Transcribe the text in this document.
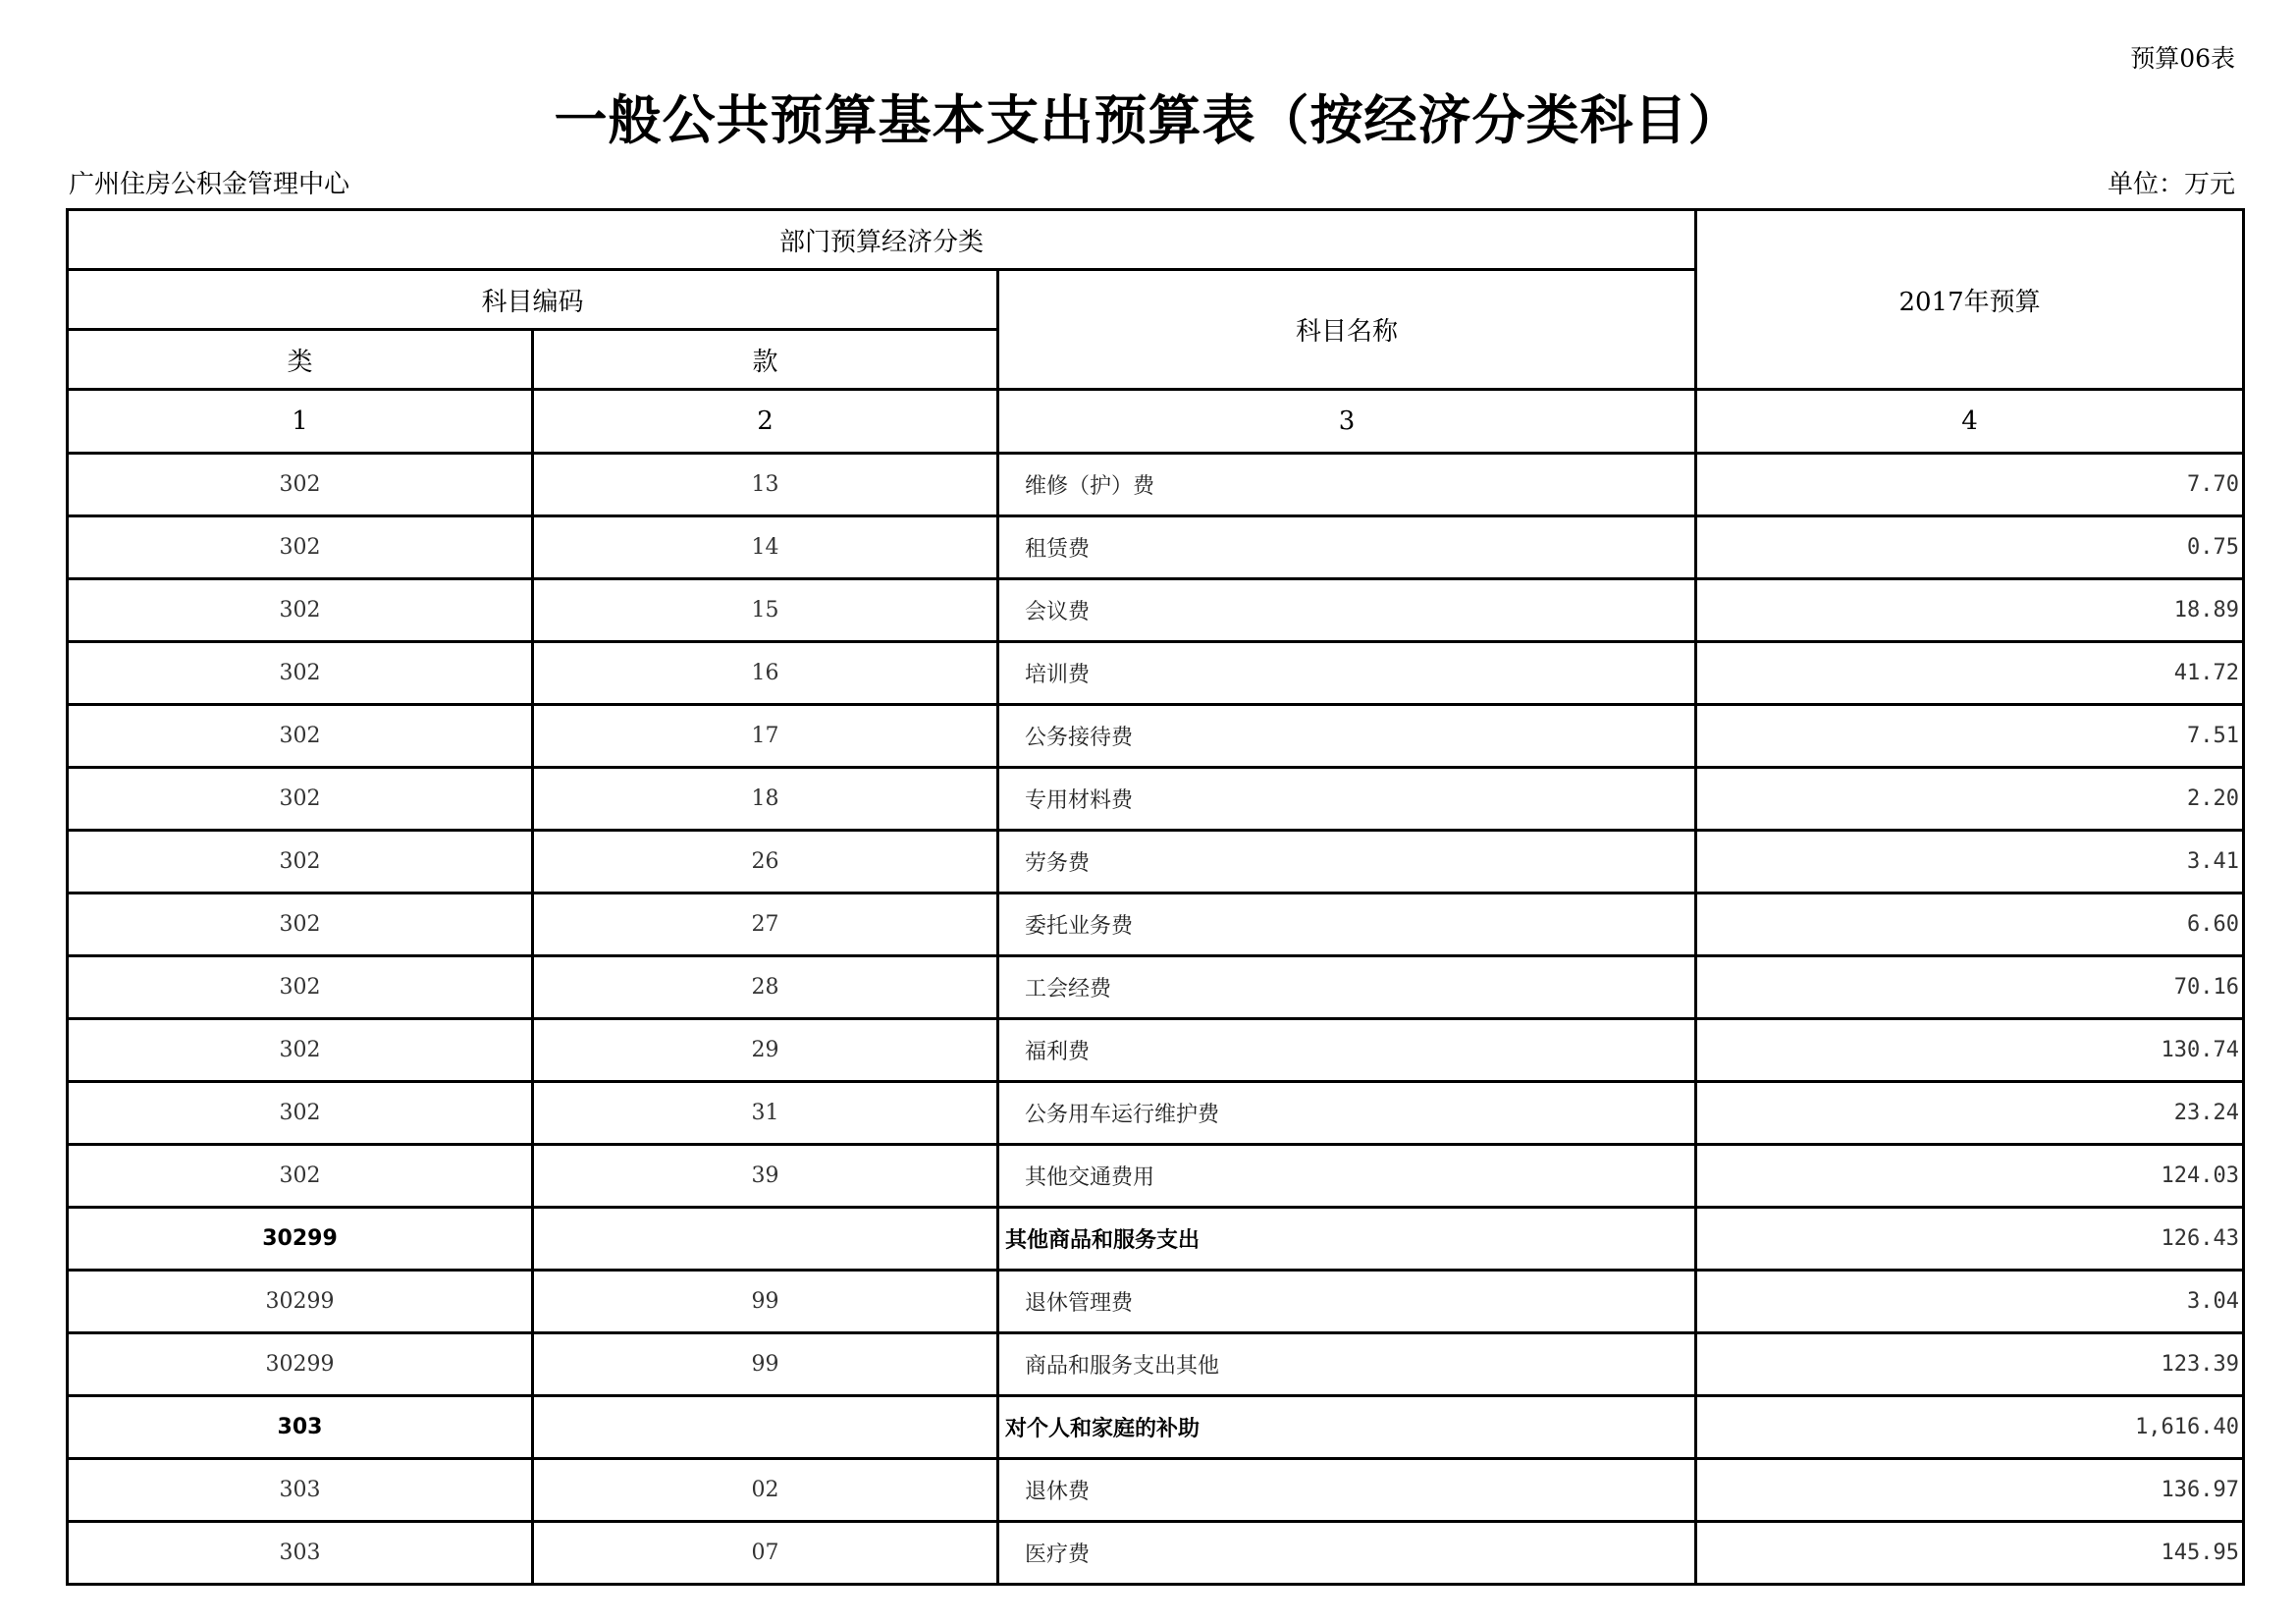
预算06表
一般公共预算基本支出预算表（按经济分类科目）
广州住房公积金管理中心	单位：万元
部门预算经济分类			2017年预算
科目编码		科目名称	
类	款		
1	2	3	4
302	13	维修（护）费	7.70
302	14	租赁费	0.75
302	15	会议费	18.89
302	16	培训费	41.72
302	17	公务接待费	7.51
302	18	专用材料费	2.20
302	26	劳务费	3.41
302	27	委托业务费	6.60
302	28	工会经费	70.16
302	29	福利费	130.74
302	31	公务用车运行维护费	23.24
302	39	其他交通费用	124.03
30299		其他商品和服务支出	126.43
30299	99	退休管理费	3.04
30299	99	商品和服务支出其他	123.39
303		对个人和家庭的补助	1,616.40
303	02	退休费	136.97
303	07	医疗费	145.95
